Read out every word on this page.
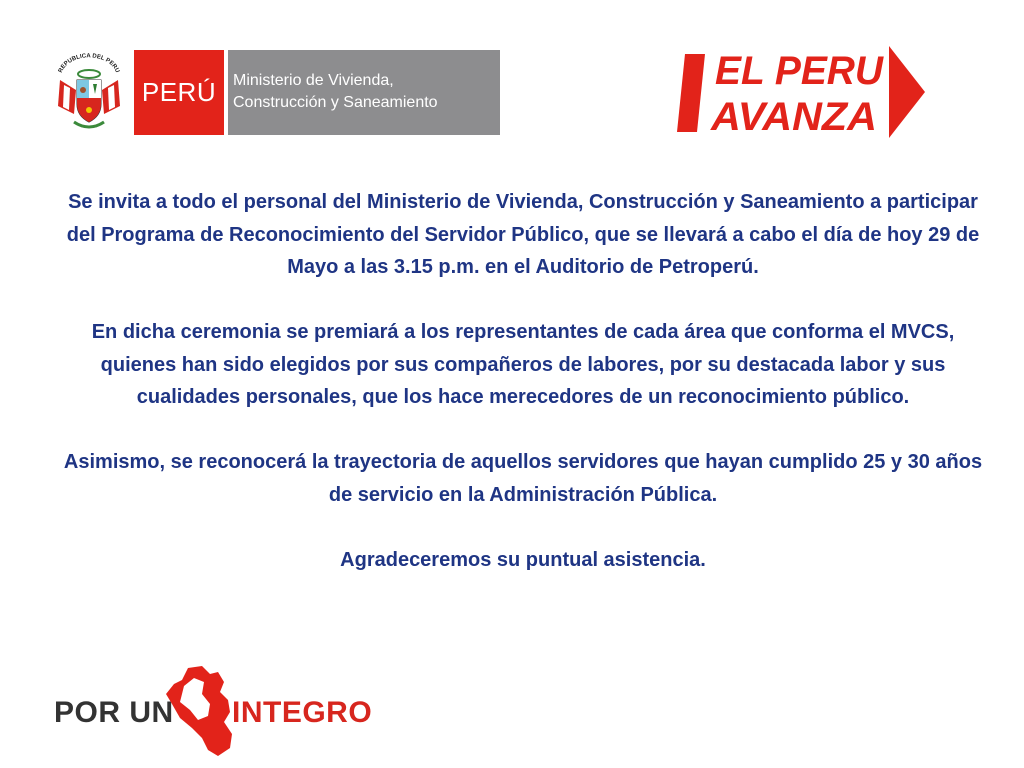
REPUBLICA DEL PERU
PERÚ Ministerio de Vivienda,
Construcción y Saneamiento
EL PERU
AVANZA

Se invita a todo el personal del Ministerio de Vivienda, Construcción y Saneamiento a participar del Programa de Reconocimiento del Servidor Público, que se llevará a cabo el día de hoy 29 de Mayo a las 3.15 p.m. en el Auditorio de Petroperú.

En dicha ceremonia se premiará a los representantes de cada área que conforma el MVCS, quienes han sido elegidos por sus compañeros de labores, por su destacada labor y sus cualidades personales, que los hace merecedores de un reconocimiento público.

Asimismo, se reconocerá la trayectoria de aquellos servidores que hayan cumplido 25 y 30 años de servicio en la Administración Pública.

Agradeceremos su puntual asistencia.

POR UN INTEGRO
